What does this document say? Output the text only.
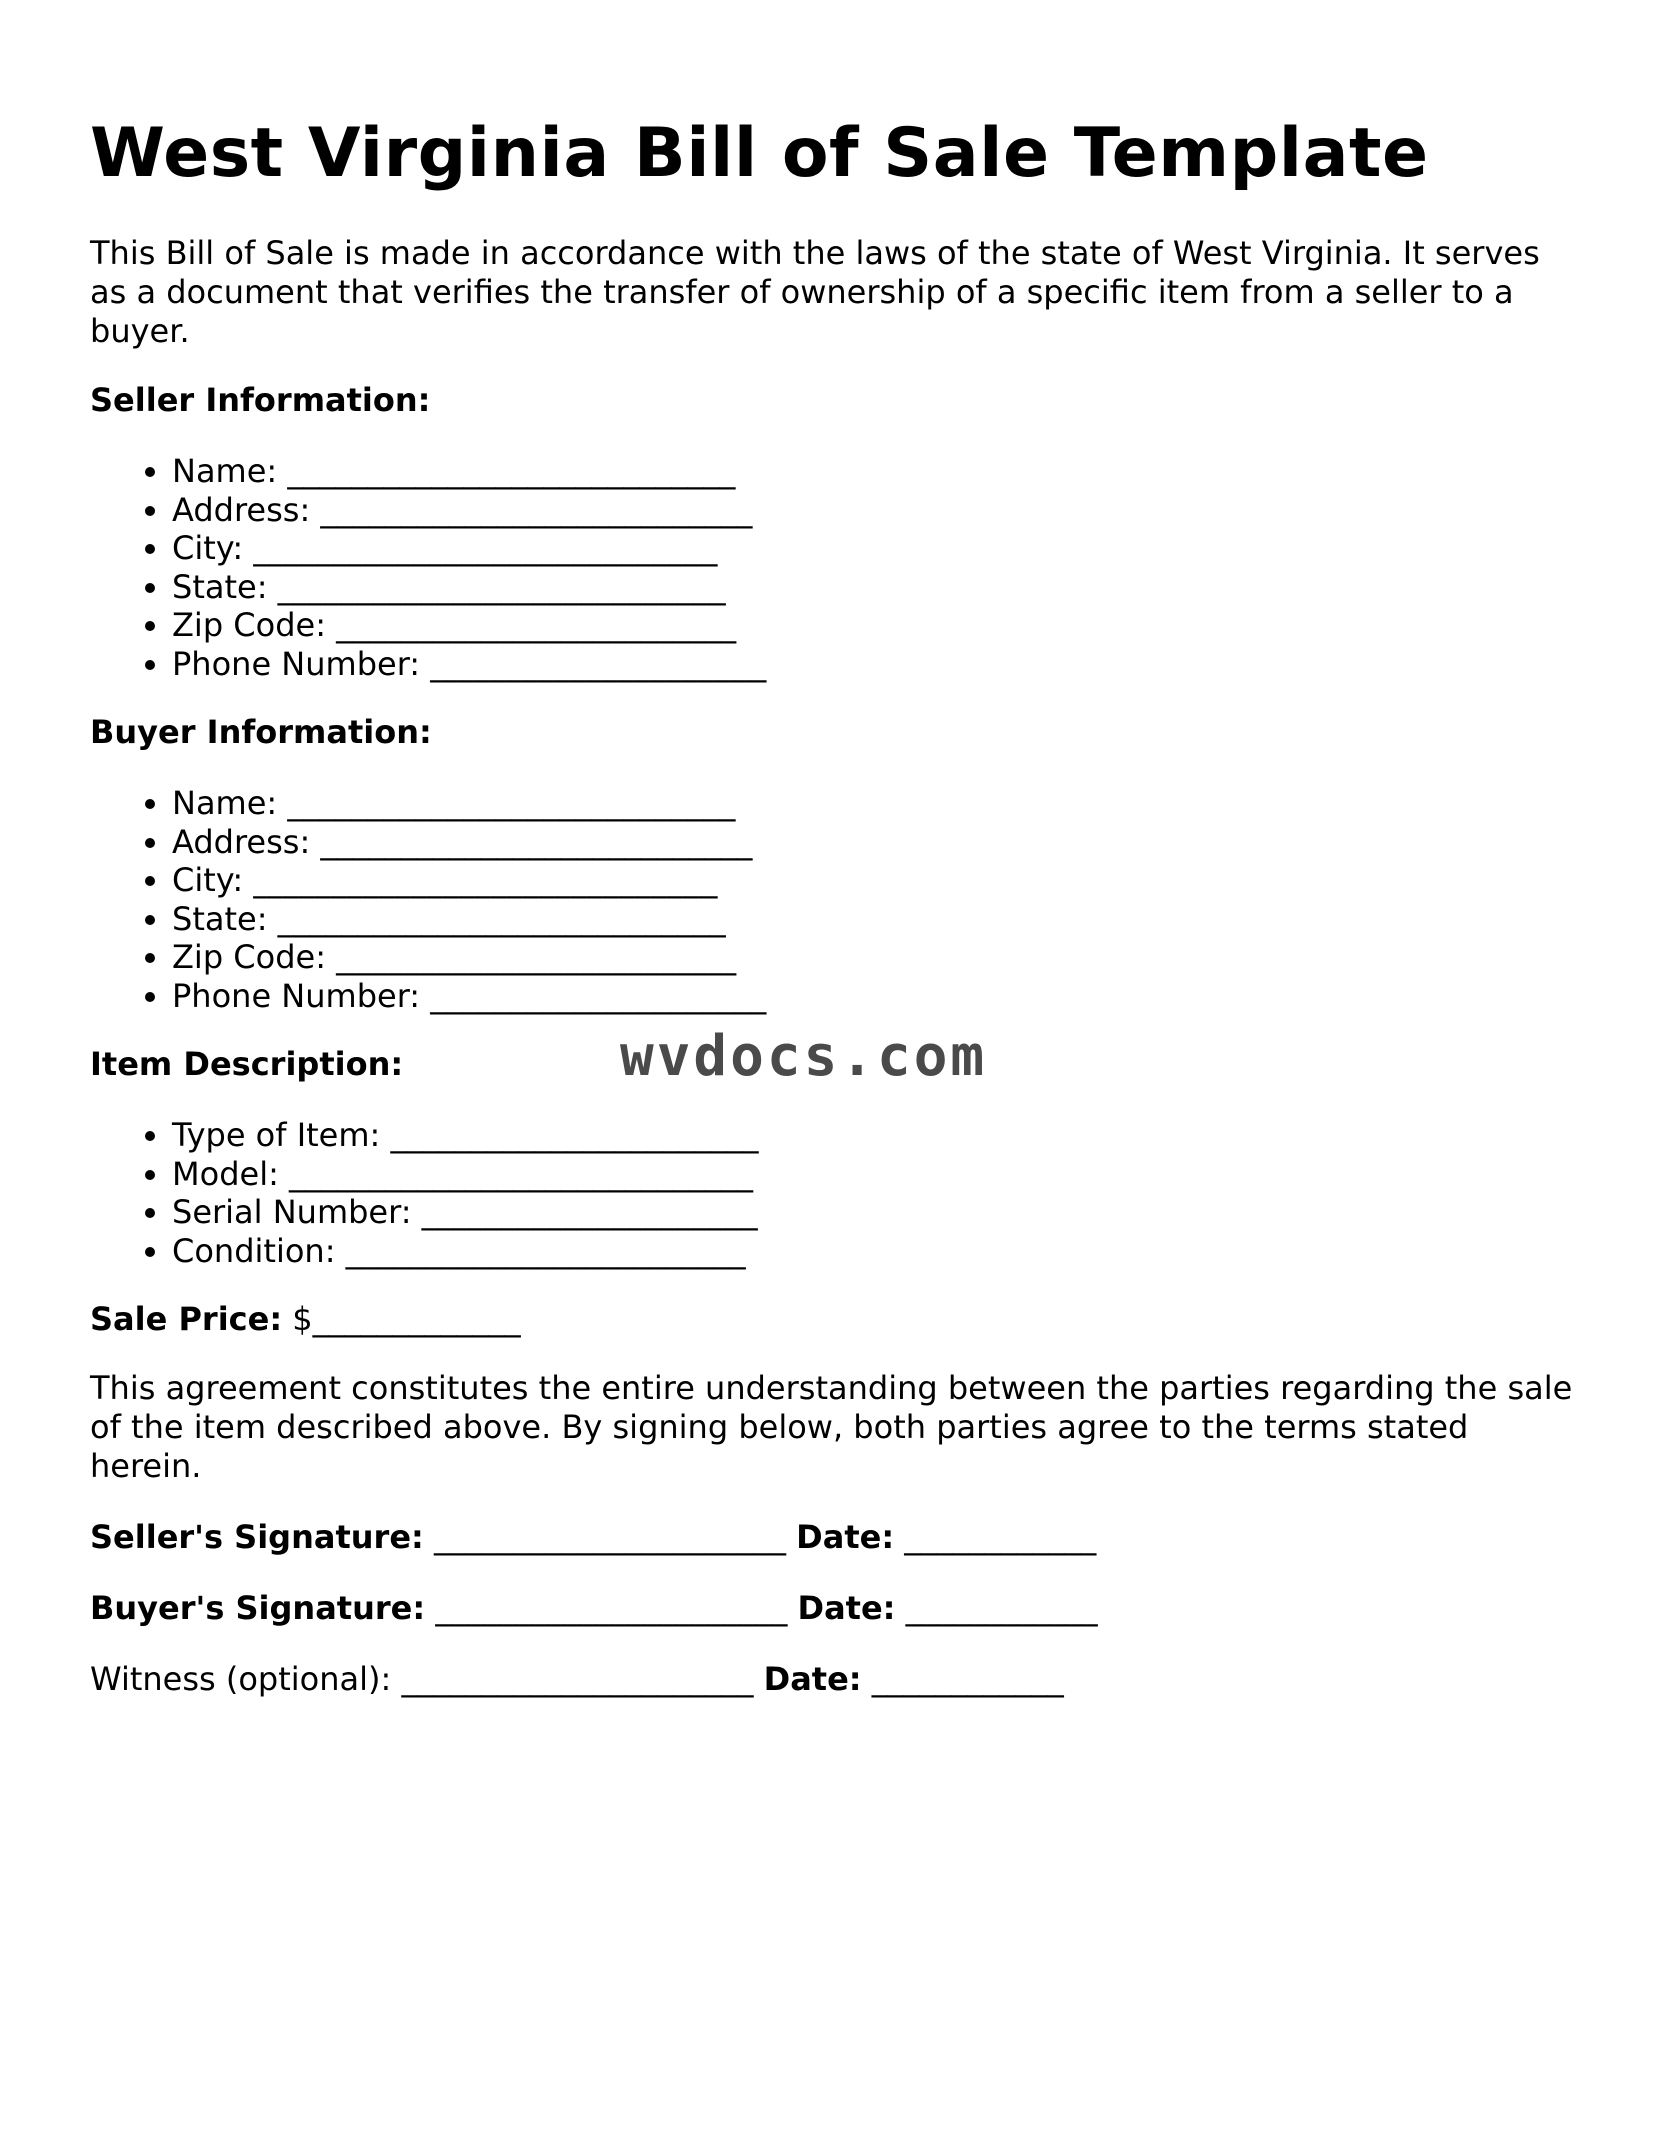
West Virginia Bill of Sale Template

This Bill of Sale is made in accordance with the laws of the state of West Virginia. It serves as a document that verifies the transfer of ownership of a specific item from a seller to a buyer.

Seller Information:
• Name: ____________________________
• Address: ___________________________
• City: _____________________________
• State: ____________________________
• Zip Code: _________________________
• Phone Number: _____________________
Buyer Information:
• Name: ____________________________
• Address: ___________________________
• City: _____________________________
• State: ____________________________
• Zip Code: _________________________
• Phone Number: _____________________
Item Description:	wvdocs.com
• Type of Item: _______________________
• Model: _____________________________
• Serial Number: _____________________
• Condition: _________________________
Sale Price: $_____________

This agreement constitutes the entire understanding between the parties regarding the sale of the item described above. By signing below, both parties agree to the terms stated herein.

Seller's Signature: ______________________ Date: ____________
Buyer's Signature: ______________________ Date: ____________
Witness (optional): ______________________ Date: ____________
